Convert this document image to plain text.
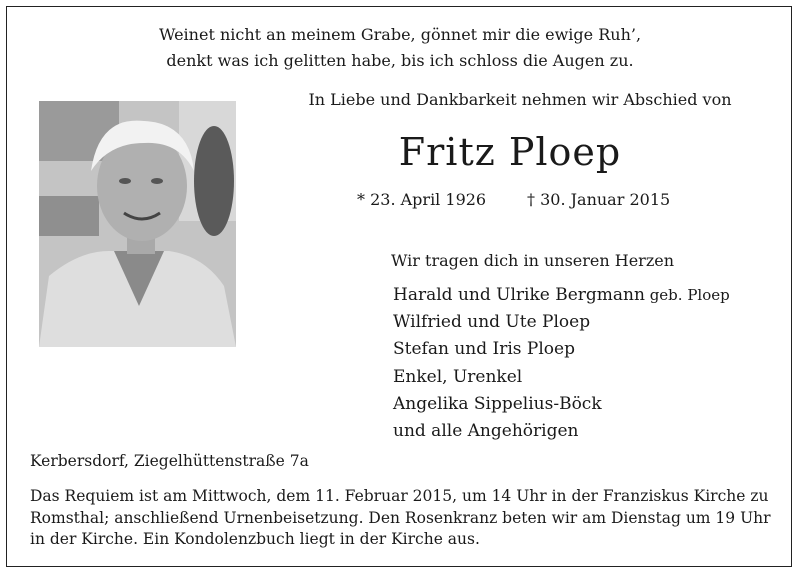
Weinet nicht an meinem Grabe, gönnet mir die ewige Ruh’,
denkt was ich gelitten habe, bis ich schloss die Augen zu.
In Liebe und Dankbarkeit nehmen wir Abschied von
Fritz Ploep
* 23. April 1926	† 30. Januar 2015
Wir tragen dich in unseren Herzen
Harald und Ulrike Bergmann geb. Ploep
Wilfried und Ute Ploep
Stefan und Iris Ploep
Enkel, Urenkel
Angelika Sippelius-Böck
und alle Angehörigen
Kerbersdorf, Ziegelhüttenstraße 7a
Das Requiem ist am Mittwoch, dem 11. Februar 2015, um 14 Uhr in der Franziskus Kirche zu
Romsthal; anschließend Urnenbeisetzung. Den Rosenkranz beten wir am Dienstag um 19 Uhr
in der Kirche. Ein Kondolenzbuch liegt in der Kirche aus.
